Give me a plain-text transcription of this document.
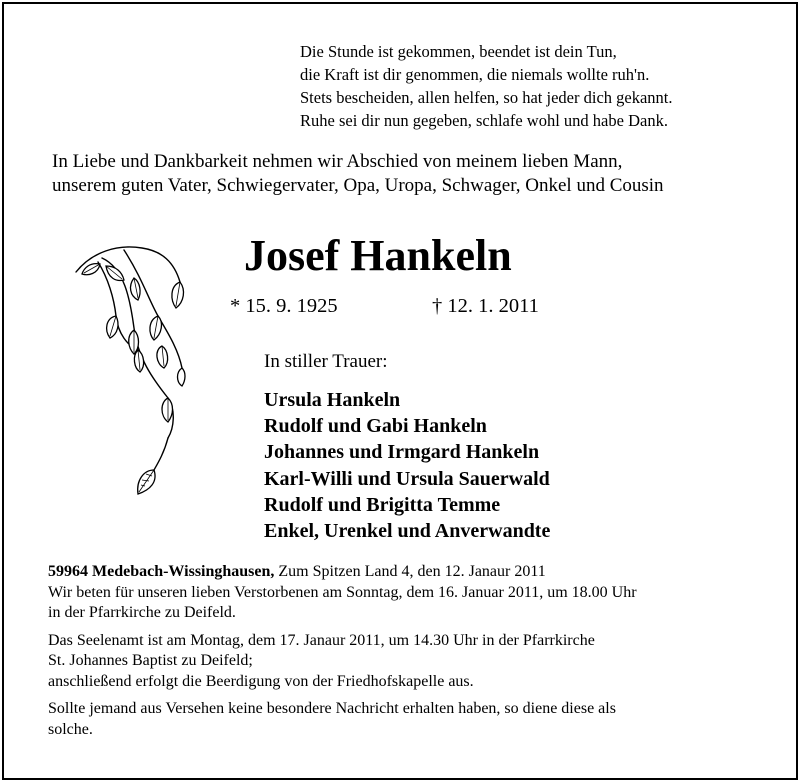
Die Stunde ist gekommen, beendet ist dein Tun,
die Kraft ist dir genommen, die niemals wollte ruh'n.
Stets bescheiden, allen helfen, so hat jeder dich gekannt.
Ruhe sei dir nun gegeben, schlafe wohl und habe Dank.
In Liebe und Dankbarkeit nehmen wir Abschied von meinem lieben Mann,
unserem guten Vater, Schwiegervater, Opa, Uropa, Schwager, Onkel und Cousin
Josef Hankeln
* 15. 9. 1925	† 12. 1. 2011
In stiller Trauer:
Ursula Hankeln
Rudolf und Gabi Hankeln
Johannes und Irmgard Hankeln
Karl-Willi und Ursula Sauerwald
Rudolf und Brigitta Temme
Enkel, Urenkel und Anverwandte

59964 Medebach-Wissinghausen, Zum Spitzen Land 4, den 12. Janaur 2011

Wir beten für unseren lieben Verstorbenen am Sonntag, dem 16. Januar 2011, um 18.00 Uhr
in der Pfarrkirche zu Deifeld.

Das Seelenamt ist am Montag, dem 17. Janaur 2011, um 14.30 Uhr in der Pfarrkirche
St. Johannes Baptist zu Deifeld;
anschließend erfolgt die Beerdigung von der Friedhofskapelle aus.

Sollte jemand aus Versehen keine besondere Nachricht erhalten haben, so diene diese als
solche.
